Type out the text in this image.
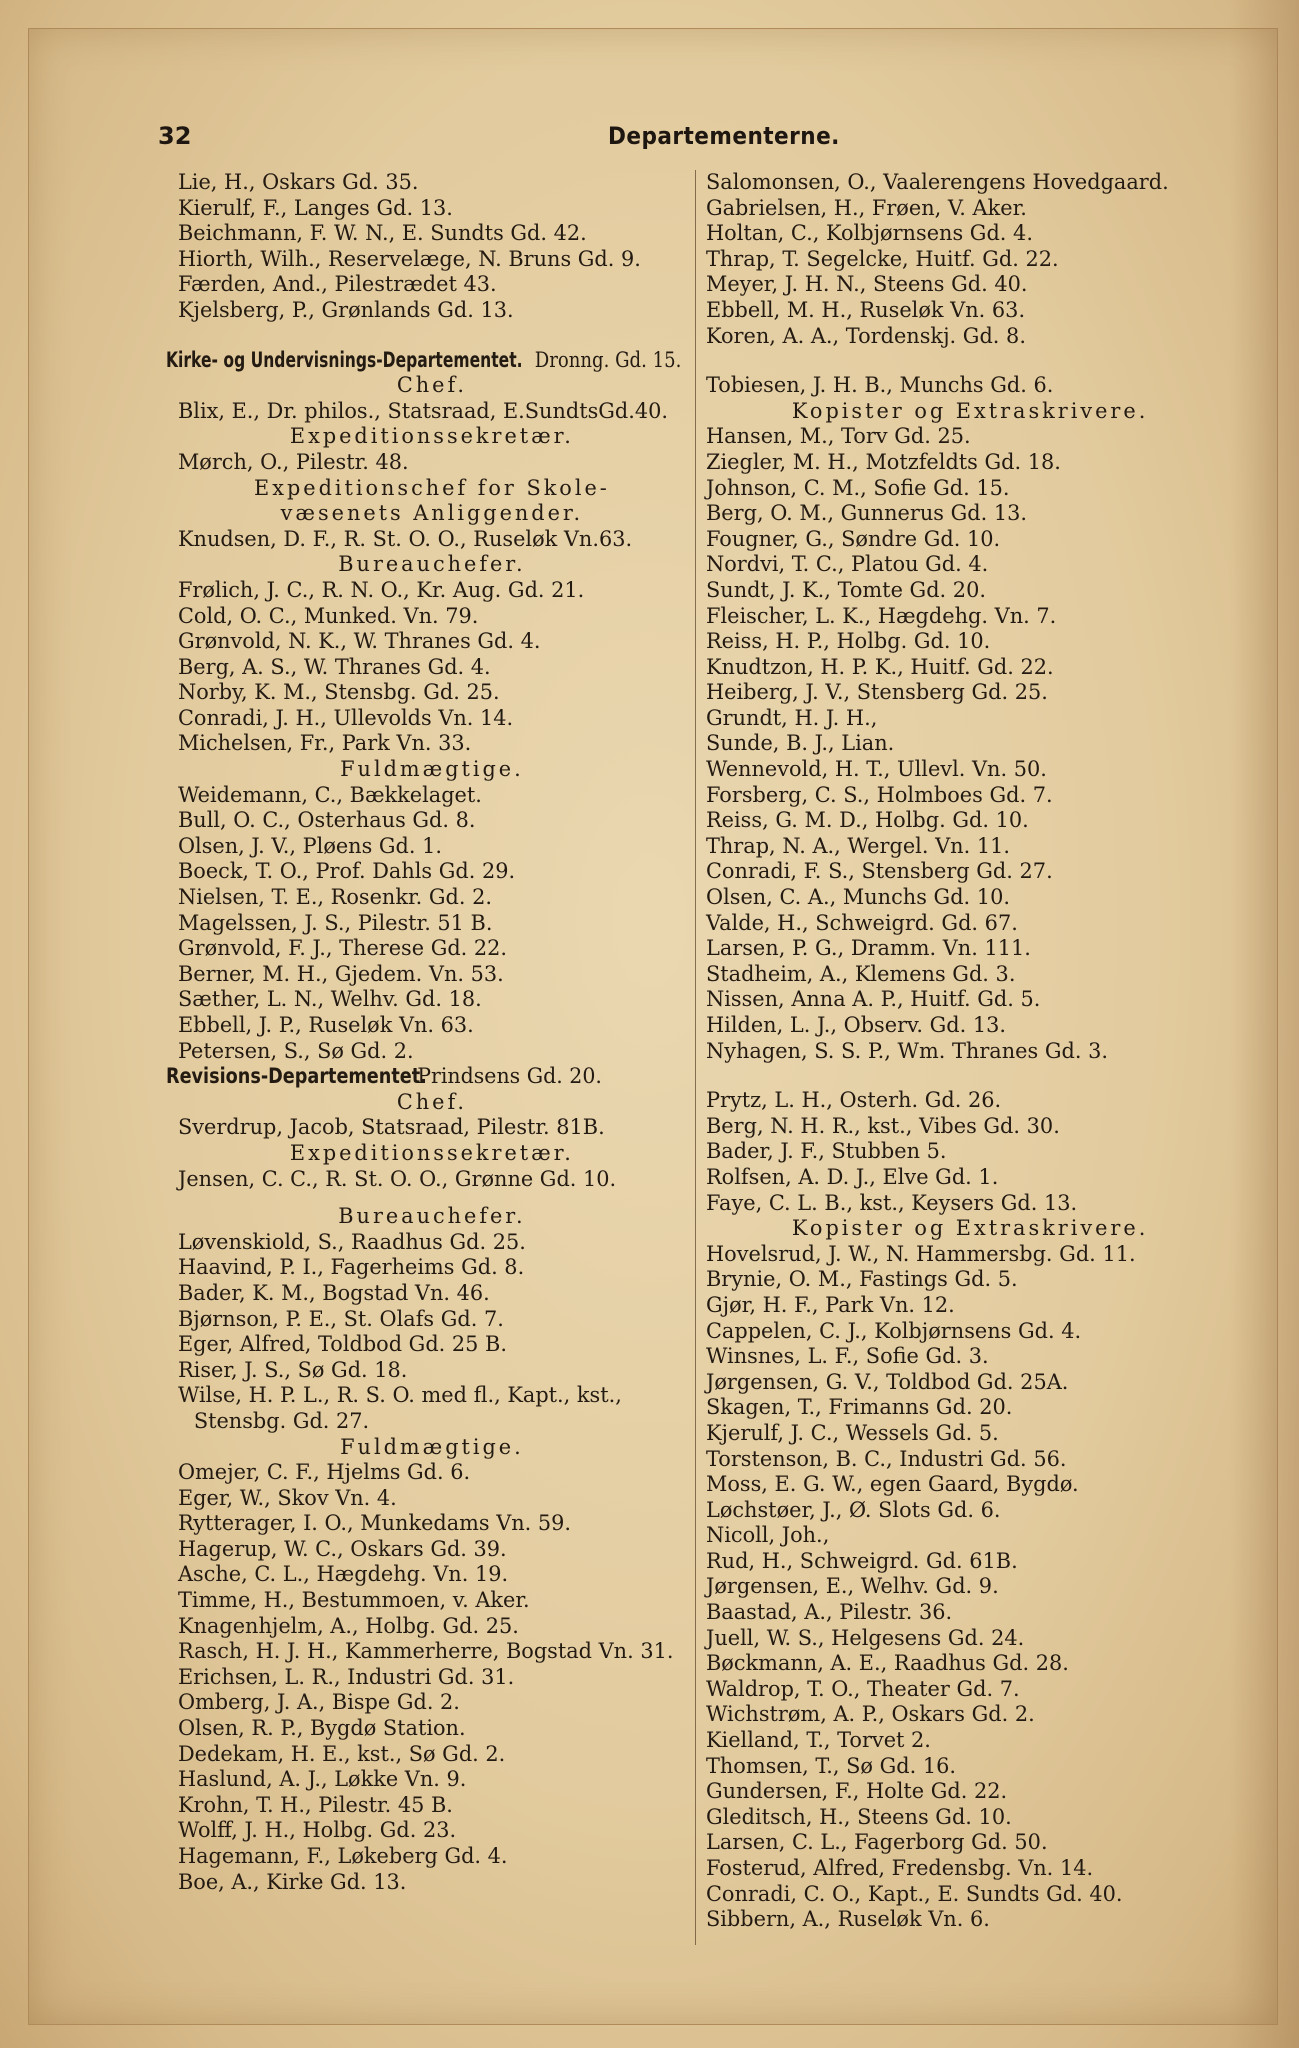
32	Departementerne.
Lie, H., Oskars Gd. 35.
Kierulf, F., Langes Gd. 13.
Beichmann, F. W. N., E. Sundts Gd. 42.
Hiorth, Wilh., Reservelæge, N. Bruns Gd. 9.
Færden, And., Pilestrædet 43.
Kjelsberg, P., Grønlands Gd. 13.
Kirke- og Undervisnings-Departementet. Dronng. Gd. 15.
Chef.
Blix, E., Dr. philos., Statsraad, E.SundtsGd.40.
Expeditionssekretær.
Mørch, O., Pilestr. 48.
Expeditionschef for Skole-
væsenets Anliggender.
Knudsen, D. F., R. St. O. O., Ruseløk Vn.63.
Bureauchefer.
Frølich, J. C., R. N. O., Kr. Aug. Gd. 21.
Cold, O. C., Munked. Vn. 79.
Grønvold, N. K., W. Thranes Gd. 4.
Berg, A. S., W. Thranes Gd. 4.
Norby, K. M., Stensbg. Gd. 25.
Conradi, J. H., Ullevolds Vn. 14.
Michelsen, Fr., Park Vn. 33.
Fuldmægtige.
Weidemann, C., Bækkelaget.
Bull, O. C., Osterhaus Gd. 8.
Olsen, J. V., Pløens Gd. 1.
Boeck, T. O., Prof. Dahls Gd. 29.
Nielsen, T. E., Rosenkr. Gd. 2.
Magelssen, J. S., Pilestr. 51 B.
Grønvold, F. J., Therese Gd. 22.
Berner, M. H., Gjedem. Vn. 53.
Sæther, L. N., Welhv. Gd. 18.
Ebbell, J. P., Ruseløk Vn. 63.
Petersen, S., Sø Gd. 2.
Revisions-Departementet. Prindsens Gd. 20.
Chef.
Sverdrup, Jacob, Statsraad, Pilestr. 81B.
Expeditionssekretær.
Jensen, C. C., R. St. O. O., Grønne Gd. 10.
Bureauchefer.
Løvenskiold, S., Raadhus Gd. 25.
Haavind, P. I., Fagerheims Gd. 8.
Bader, K. M., Bogstad Vn. 46.
Bjørnson, P. E., St. Olafs Gd. 7.
Eger, Alfred, Toldbod Gd. 25 B.
Riser, J. S., Sø Gd. 18.
Wilse, H. P. L., R. S. O. med fl., Kapt., kst.,
Stensbg. Gd. 27.
Fuldmægtige.
Omejer, C. F., Hjelms Gd. 6.
Eger, W., Skov Vn. 4.
Rytterager, I. O., Munkedams Vn. 59.
Hagerup, W. C., Oskars Gd. 39.
Asche, C. L., Hægdehg. Vn. 19.
Timme, H., Bestummoen, v. Aker.
Knagenhjelm, A., Holbg. Gd. 25.
Rasch, H. J. H., Kammerherre, Bogstad Vn. 31.
Erichsen, L. R., Industri Gd. 31.
Omberg, J. A., Bispe Gd. 2.
Olsen, R. P., Bygdø Station.
Dedekam, H. E., kst., Sø Gd. 2.
Haslund, A. J., Løkke Vn. 9.
Krohn, T. H., Pilestr. 45 B.
Wolff, J. H., Holbg. Gd. 23.
Hagemann, F., Løkeberg Gd. 4.
Boe, A., Kirke Gd. 13.
Salomonsen, O., Vaalerengens Hovedgaard.
Gabrielsen, H., Frøen, V. Aker.
Holtan, C., Kolbjørnsens Gd. 4.
Thrap, T. Segelcke, Huitf. Gd. 22.
Meyer, J. H. N., Steens Gd. 40.
Ebbell, M. H., Ruseløk Vn. 63.
Koren, A. A., Tordenskj. Gd. 8.
Tobiesen, J. H. B., Munchs Gd. 6.
Kopister og Extraskrivere.
Hansen, M., Torv Gd. 25.
Ziegler, M. H., Motzfeldts Gd. 18.
Johnson, C. M., Sofie Gd. 15.
Berg, O. M., Gunnerus Gd. 13.
Fougner, G., Søndre Gd. 10.
Nordvi, T. C., Platou Gd. 4.
Sundt, J. K., Tomte Gd. 20.
Fleischer, L. K., Hægdehg. Vn. 7.
Reiss, H. P., Holbg. Gd. 10.
Knudtzon, H. P. K., Huitf. Gd. 22.
Heiberg, J. V., Stensberg Gd. 25.
Grundt, H. J. H.,
Sunde, B. J., Lian.
Wennevold, H. T., Ullevl. Vn. 50.
Forsberg, C. S., Holmboes Gd. 7.
Reiss, G. M. D., Holbg. Gd. 10.
Thrap, N. A., Wergel. Vn. 11.
Conradi, F. S., Stensberg Gd. 27.
Olsen, C. A., Munchs Gd. 10.
Valde, H., Schweigrd. Gd. 67.
Larsen, P. G., Dramm. Vn. 111.
Stadheim, A., Klemens Gd. 3.
Nissen, Anna A. P., Huitf. Gd. 5.
Hilden, L. J., Observ. Gd. 13.
Nyhagen, S. S. P., Wm. Thranes Gd. 3.
Prytz, L. H., Osterh. Gd. 26.
Berg, N. H. R., kst., Vibes Gd. 30.
Bader, J. F., Stubben 5.
Rolfsen, A. D. J., Elve Gd. 1.
Faye, C. L. B., kst., Keysers Gd. 13.
Kopister og Extraskrivere.
Hovelsrud, J. W., N. Hammersbg. Gd. 11.
Brynie, O. M., Fastings Gd. 5.
Gjør, H. F., Park Vn. 12.
Cappelen, C. J., Kolbjørnsens Gd. 4.
Winsnes, L. F., Sofie Gd. 3.
Jørgensen, G. V., Toldbod Gd. 25A.
Skagen, T., Frimanns Gd. 20.
Kjerulf, J. C., Wessels Gd. 5.
Torstenson, B. C., Industri Gd. 56.
Moss, E. G. W., egen Gaard, Bygdø.
Løchstøer, J., Ø. Slots Gd. 6.
Nicoll, Joh.,
Rud, H., Schweigrd. Gd. 61B.
Jørgensen, E., Welhv. Gd. 9.
Baastad, A., Pilestr. 36.
Juell, W. S., Helgesens Gd. 24.
Bøckmann, A. E., Raadhus Gd. 28.
Waldrop, T. O., Theater Gd. 7.
Wichstrøm, A. P., Oskars Gd. 2.
Kielland, T., Torvet 2.
Thomsen, T., Sø Gd. 16.
Gundersen, F., Holte Gd. 22.
Gleditsch, H., Steens Gd. 10.
Larsen, C. L., Fagerborg Gd. 50.
Fosterud, Alfred, Fredensbg. Vn. 14.
Conradi, C. O., Kapt., E. Sundts Gd. 40.
Sibbern, A., Ruseløk Vn. 6.
